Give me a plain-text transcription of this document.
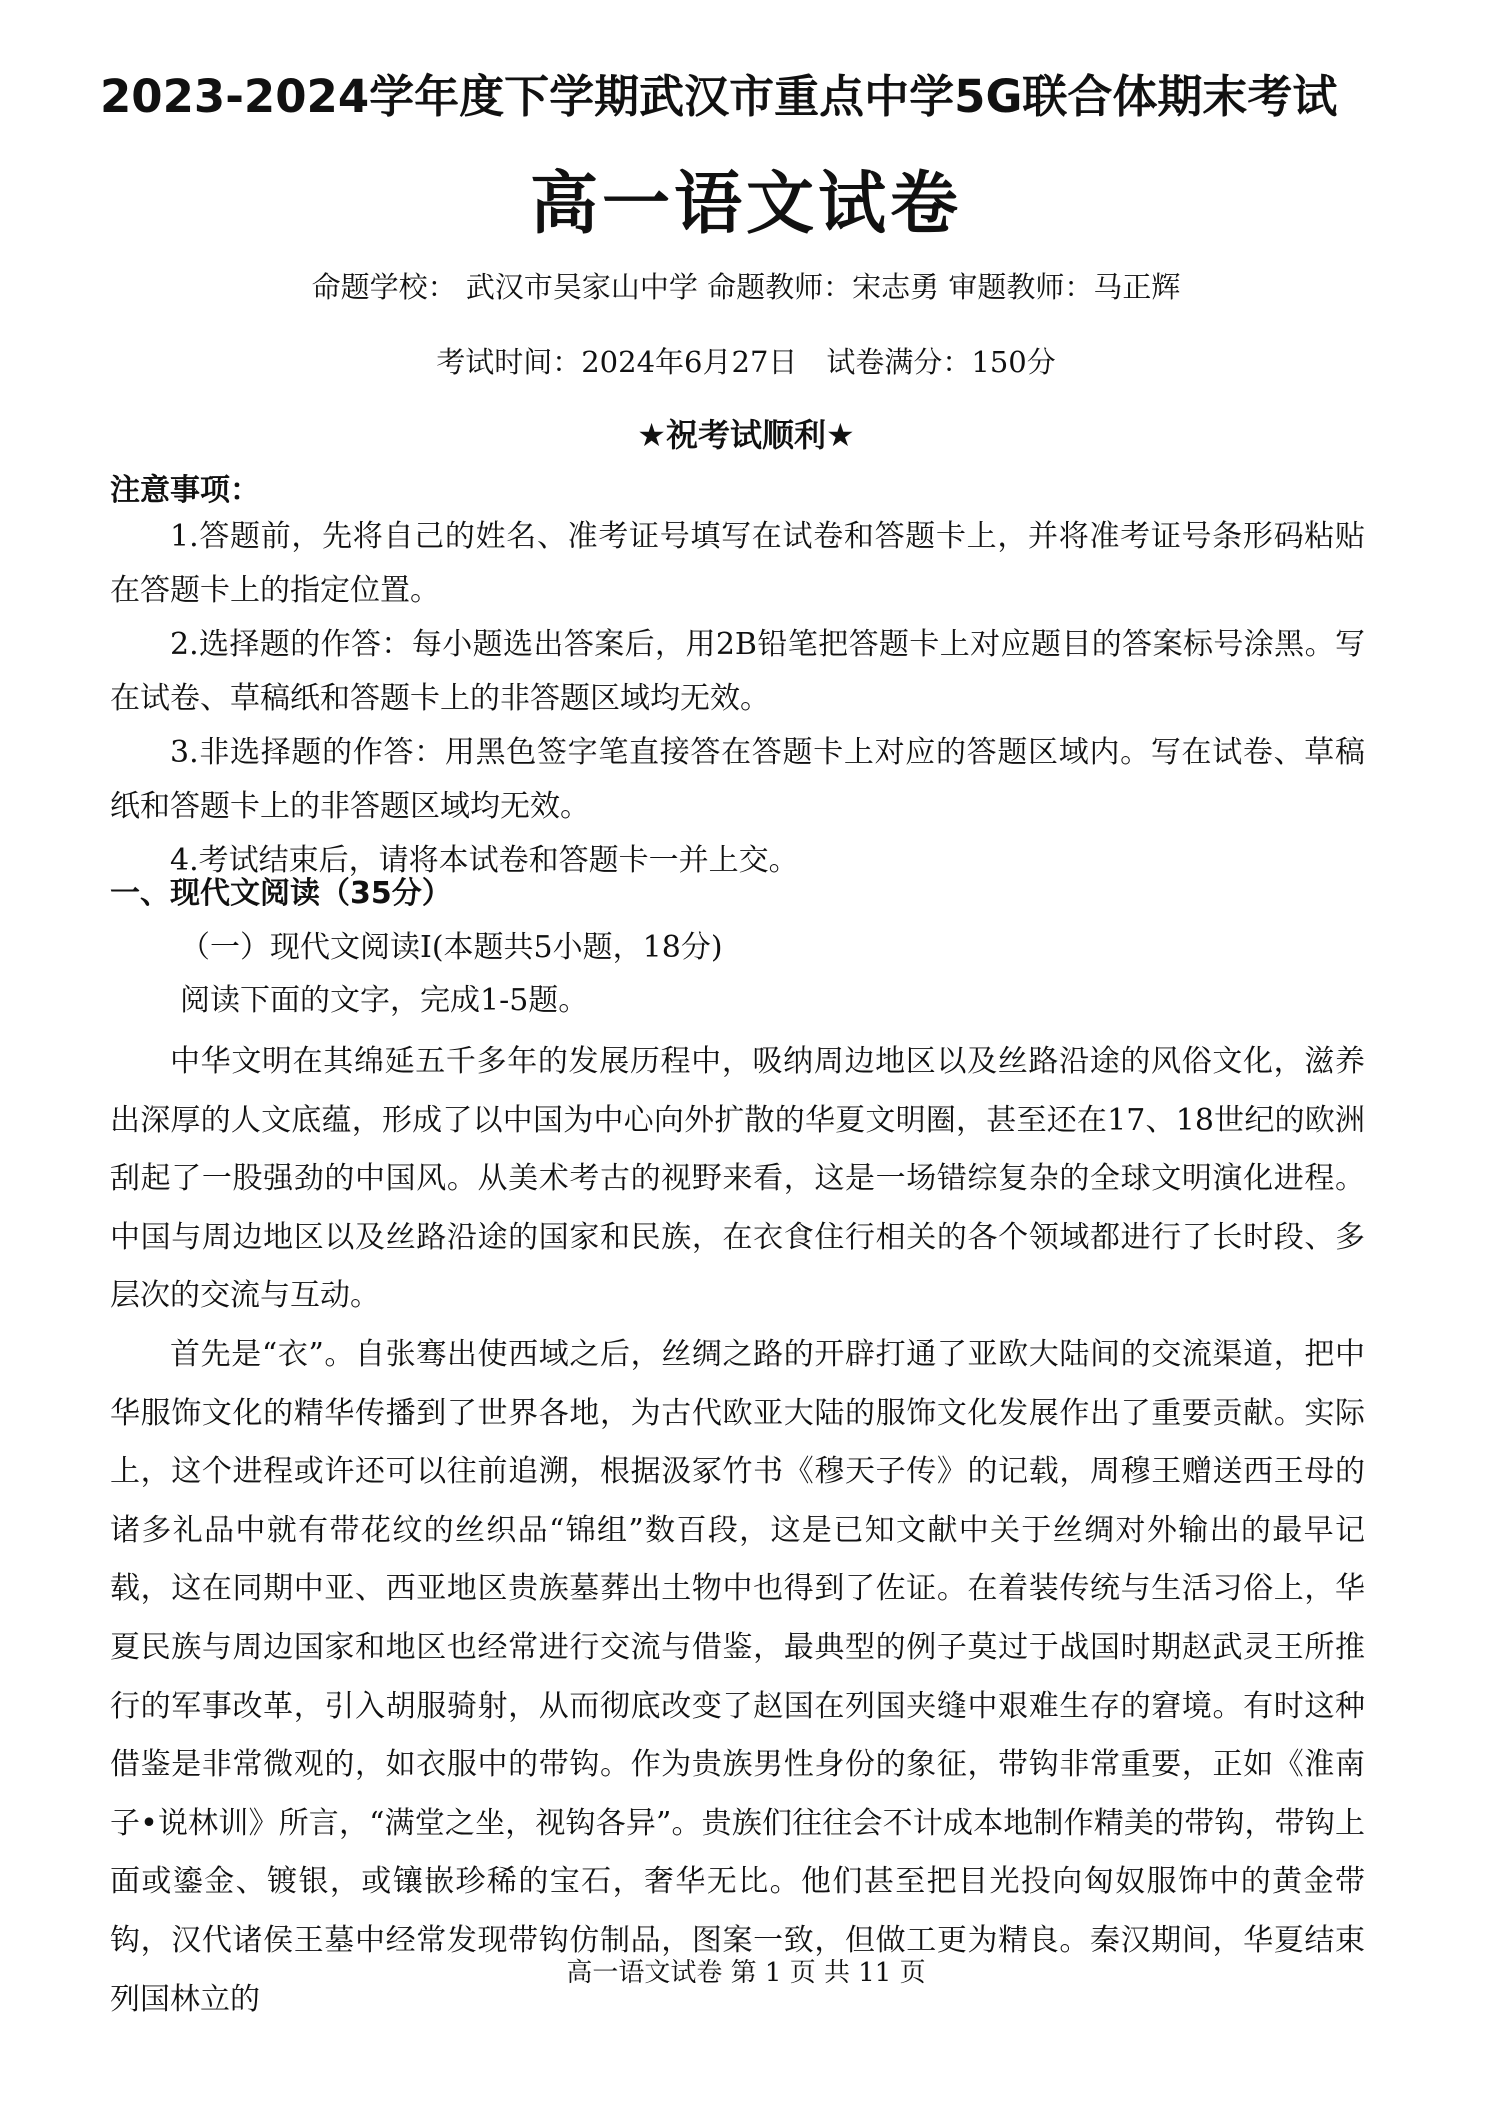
2023-2024学年度下学期武汉市重点中学5G联合体期末考试
高一语文试卷
命题学校： 武汉市吴家山中学 命题教师：宋志勇 审题教师：马正辉
考试时间：2024年6月27日　试卷满分：150分
★祝考试顺利★
注意事项：
1.答题前，先将自己的姓名、准考证号填写在试卷和答题卡上，并将准考证号条形码粘贴在答题卡上的指定位置。
2.选择题的作答：每小题选出答案后，用2B铅笔把答题卡上对应题目的答案标号涂黑。写在试卷、草稿纸和答题卡上的非答题区域均无效。
3.非选择题的作答：用黑色签字笔直接答在答题卡上对应的答题区域内。写在试卷、草稿纸和答题卡上的非答题区域均无效。
4.考试结束后，请将本试卷和答题卡一并上交。
一、现代文阅读（35分）
（一）现代文阅读I(本题共5小题，18分)
阅读下面的文字，完成1-5题。

中华文明在其绵延五千多年的发展历程中，吸纳周边地区以及丝路沿途的风俗文化，滋养出深厚的人文底蕴，形成了以中国为中心向外扩散的华夏文明圈，甚至还在17、18世纪的欧洲刮起了一股强劲的中国风。从美术考古的视野来看，这是一场错综复杂的全球文明演化进程。中国与周边地区以及丝路沿途的国家和民族，在衣食住行相关的各个领域都进行了长时段、多层次的交流与互动。

首先是“衣”。自张骞出使西域之后，丝绸之路的开辟打通了亚欧大陆间的交流渠道，把中华服饰文化的精华传播到了世界各地，为古代欧亚大陆的服饰文化发展作出了重要贡献。实际上，这个进程或许还可以往前追溯，根据汲冢竹书《穆天子传》的记载，周穆王赠送西王母的诸多礼品中就有带花纹的丝织品“锦组”数百段，这是已知文献中关于丝绸对外输出的最早记载，这在同期中亚、西亚地区贵族墓葬出土物中也得到了佐证。在着装传统与生活习俗上，华夏民族与周边国家和地区也经常进行交流与借鉴，最典型的例子莫过于战国时期赵武灵王所推行的军事改革，引入胡服骑射，从而彻底改变了赵国在列国夹缝中艰难生存的窘境。有时这种借鉴是非常微观的，如衣服中的带钩。作为贵族男性身份的象征，带钩非常重要，正如《淮南子•说林训》所言，“满堂之坐，视钩各异”。贵族们往往会不计成本地制作精美的带钩，带钩上面或鎏金、镀银，或镶嵌珍稀的宝石，奢华无比。他们甚至把目光投向匈奴服饰中的黄金带钩，汉代诸侯王墓中经常发现带钩仿制品，图案一致，但做工更为精良。秦汉期间，华夏结束列国林立的

高一语文试卷 第 1 页 共 11 页
